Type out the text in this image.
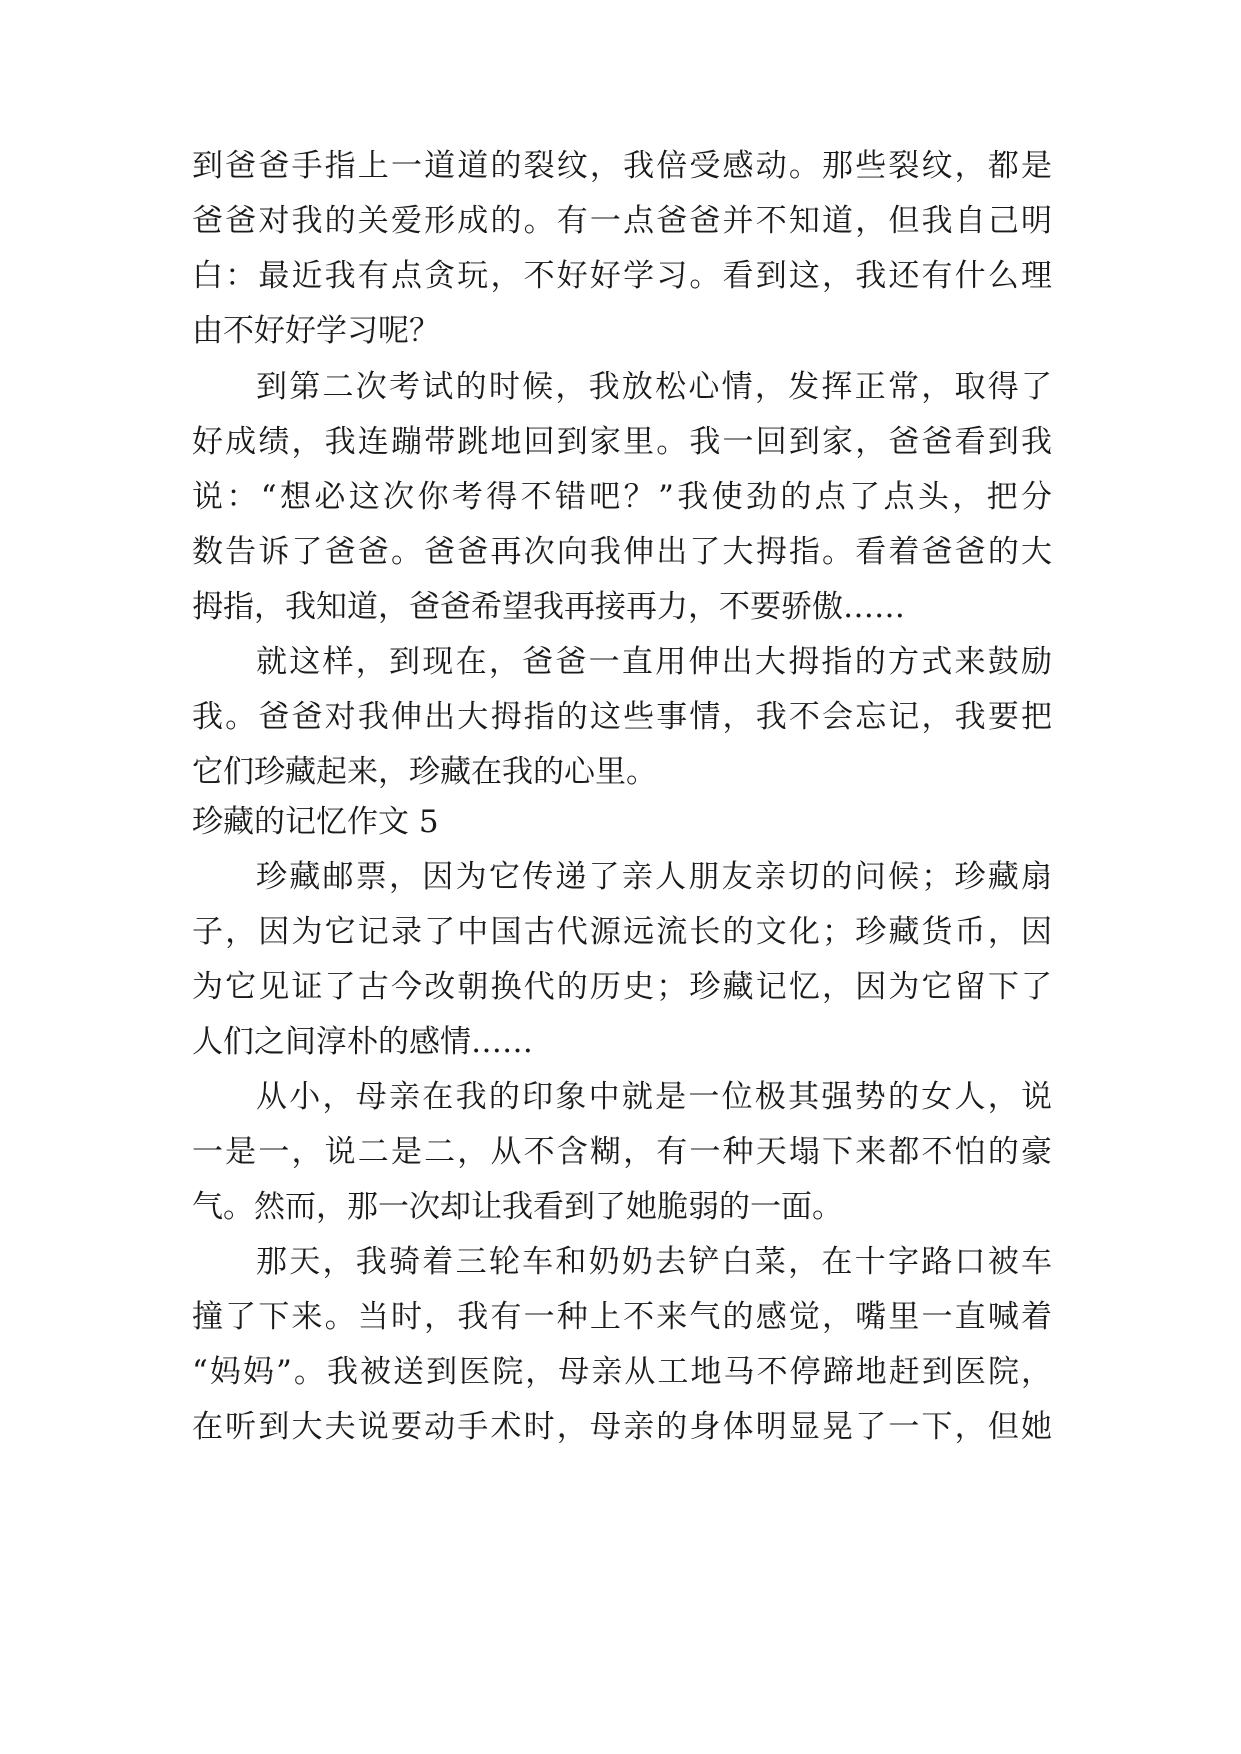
到爸爸手指上一道道的裂纹，我倍受感动。那些裂纹，都是
爸爸对我的关爱形成的。有一点爸爸并不知道，但我自己明
白：最近我有点贪玩，不好好学习。看到这，我还有什么理
由不好好学习呢？
到第二次考试的时候，我放松心情，发挥正常，取得了
好成绩，我连蹦带跳地回到家里。我一回到家，爸爸看到我
说：“想必这次你考得不错吧？”我使劲的点了点头，把分
数告诉了爸爸。爸爸再次向我伸出了大拇指。看着爸爸的大
拇指，我知道，爸爸希望我再接再力，不要骄傲……
就这样，到现在，爸爸一直用伸出大拇指的方式来鼓励
我。爸爸对我伸出大拇指的这些事情，我不会忘记，我要把
它们珍藏起来，珍藏在我的心里。
珍藏的记忆作文 5
珍藏邮票，因为它传递了亲人朋友亲切的问候；珍藏扇
子，因为它记录了中国古代源远流长的文化；珍藏货币，因
为它见证了古今改朝换代的历史；珍藏记忆，因为它留下了
人们之间淳朴的感情……
从小，母亲在我的印象中就是一位极其强势的女人，说
一是一，说二是二，从不含糊，有一种天塌下来都不怕的豪
气。然而，那一次却让我看到了她脆弱的一面。
那天，我骑着三轮车和奶奶去铲白菜，在十字路口被车
撞了下来。当时，我有一种上不来气的感觉，嘴里一直喊着
“妈妈”。我被送到医院，母亲从工地马不停蹄地赶到医院，
在听到大夫说要动手术时，母亲的身体明显晃了一下，但她
